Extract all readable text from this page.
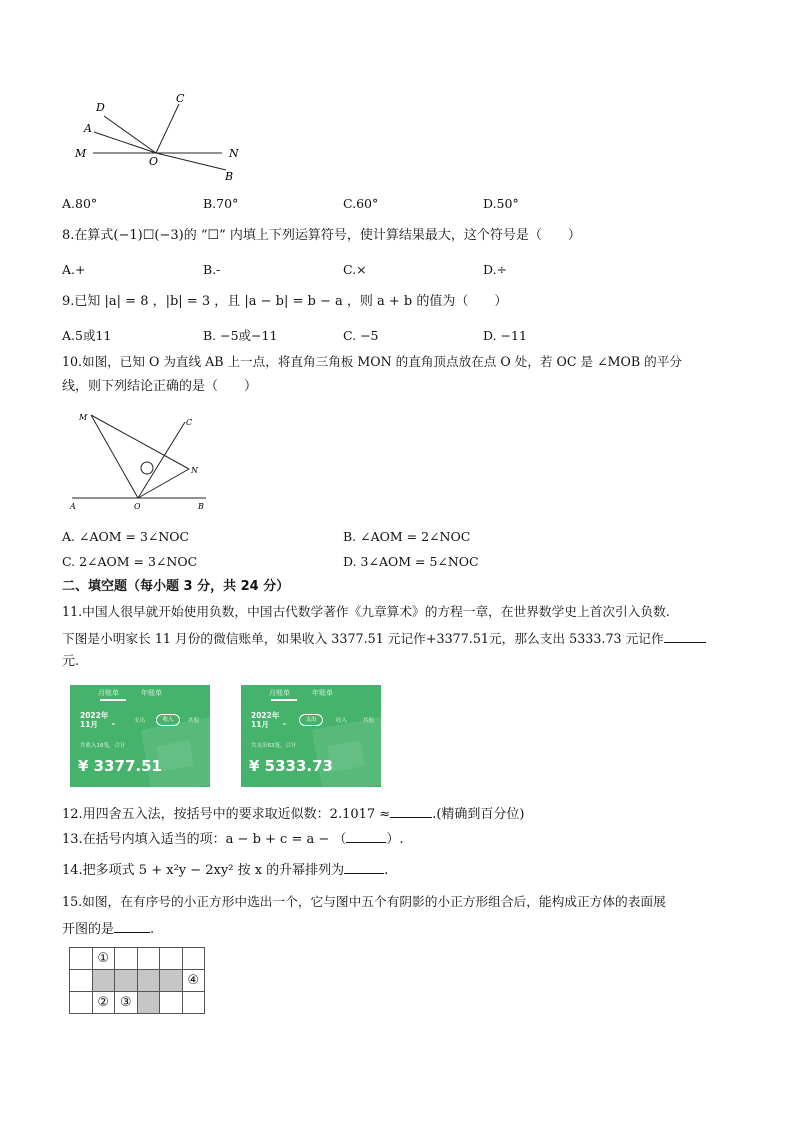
D
A
C
M
O
N
B
A.80°	B.70°	C.60°	D.50°
8.在算式(−1)☐(−3)的 “☐” 内填上下列运算符号，使计算结果最大，这个符号是（　　）
A.+	B.-	C.×	D.÷
9.已知 |a| = 8 ，|b| = 3 ，且 |a − b| = b − a ，则 a + b 的值为（　　）
A.5或11	B. −5或−11	C. −5	D. −11
10.如图，已知 O 为直线 AB 上一点，将直角三角板 MON 的直角顶点放在点 O 处，若 OC 是 ∠MOB 的平分
线，则下列结论正确的是（　　）
M
C
N
A	O	B
A. ∠AOM = 3∠NOC	B. ∠AOM = 2∠NOC
C. 2∠AOM = 3∠NOC	D. 3∠AOM = 5∠NOC
二、填空题（每小题 3 分，共 24 分）
11.中国人很早就开始使用负数，中国古代数学著作《九章算术》的方程一章，在世界数学史上首次引入负数.
下图是小明家长 11 月份的微信账单，如果收入 3377.51 元记作+3377.51元，那么支出 5333.73 元记作
元.
月账单	年账单
2022年
11月	⌄	支出	收入	其他
共收入16笔，合计
¥ 3377.51
月账单	年账单
2022年
11月	⌄	支出	收入	其他
共支出63笔，合计
¥ 5333.73
12.用四舍五入法，按括号中的要求取近似数：2.1017 ≈	.(精确到百分位)
13.在括号内填入适当的项：a − b + c = a − （	）.
14.把多项式 5 + x²y − 2xy² 按 x 的升幂排列为	.
15.如图，在有序号的小正方形中选出一个，它与图中五个有阴影的小正方形组合后，能构成正方体的表面展
开图的是	.
	①				
					④
	②	③			
